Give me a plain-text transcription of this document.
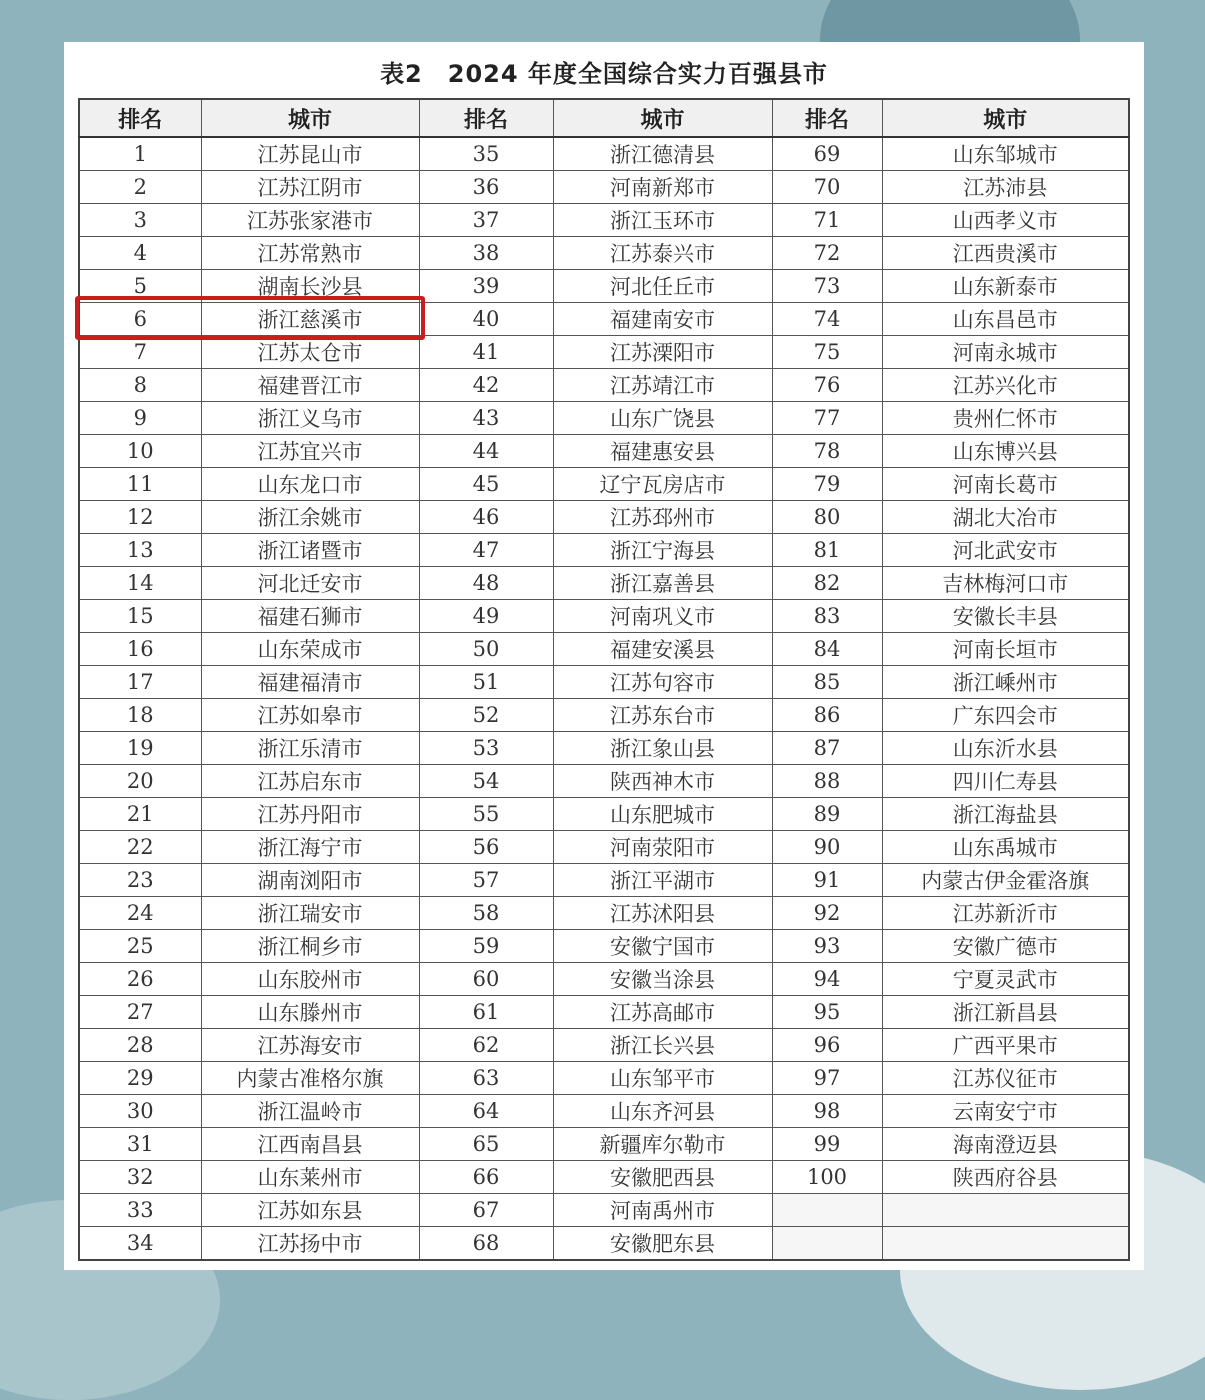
表2　2024 年度全国综合实力百强县市
排名	城市	排名	城市	排名	城市
1	江苏昆山市	35	浙江德清县	69	山东邹城市
2	江苏江阴市	36	河南新郑市	70	江苏沛县
3	江苏张家港市	37	浙江玉环市	71	山西孝义市
4	江苏常熟市	38	江苏泰兴市	72	江西贵溪市
5	湖南长沙县	39	河北任丘市	73	山东新泰市
6	浙江慈溪市	40	福建南安市	74	山东昌邑市
7	江苏太仓市	41	江苏溧阳市	75	河南永城市
8	福建晋江市	42	江苏靖江市	76	江苏兴化市
9	浙江义乌市	43	山东广饶县	77	贵州仁怀市
10	江苏宜兴市	44	福建惠安县	78	山东博兴县
11	山东龙口市	45	辽宁瓦房店市	79	河南长葛市
12	浙江余姚市	46	江苏邳州市	80	湖北大冶市
13	浙江诸暨市	47	浙江宁海县	81	河北武安市
14	河北迁安市	48	浙江嘉善县	82	吉林梅河口市
15	福建石狮市	49	河南巩义市	83	安徽长丰县
16	山东荣成市	50	福建安溪县	84	河南长垣市
17	福建福清市	51	江苏句容市	85	浙江嵊州市
18	江苏如皋市	52	江苏东台市	86	广东四会市
19	浙江乐清市	53	浙江象山县	87	山东沂水县
20	江苏启东市	54	陕西神木市	88	四川仁寿县
21	江苏丹阳市	55	山东肥城市	89	浙江海盐县
22	浙江海宁市	56	河南荥阳市	90	山东禹城市
23	湖南浏阳市	57	浙江平湖市	91	内蒙古伊金霍洛旗
24	浙江瑞安市	58	江苏沭阳县	92	江苏新沂市
25	浙江桐乡市	59	安徽宁国市	93	安徽广德市
26	山东胶州市	60	安徽当涂县	94	宁夏灵武市
27	山东滕州市	61	江苏高邮市	95	浙江新昌县
28	江苏海安市	62	浙江长兴县	96	广西平果市
29	内蒙古准格尔旗	63	山东邹平市	97	江苏仪征市
30	浙江温岭市	64	山东齐河县	98	云南安宁市
31	江西南昌县	65	新疆库尔勒市	99	海南澄迈县
32	山东莱州市	66	安徽肥西县	100	陕西府谷县
33	江苏如东县	67	河南禹州市		
34	江苏扬中市	68	安徽肥东县		
